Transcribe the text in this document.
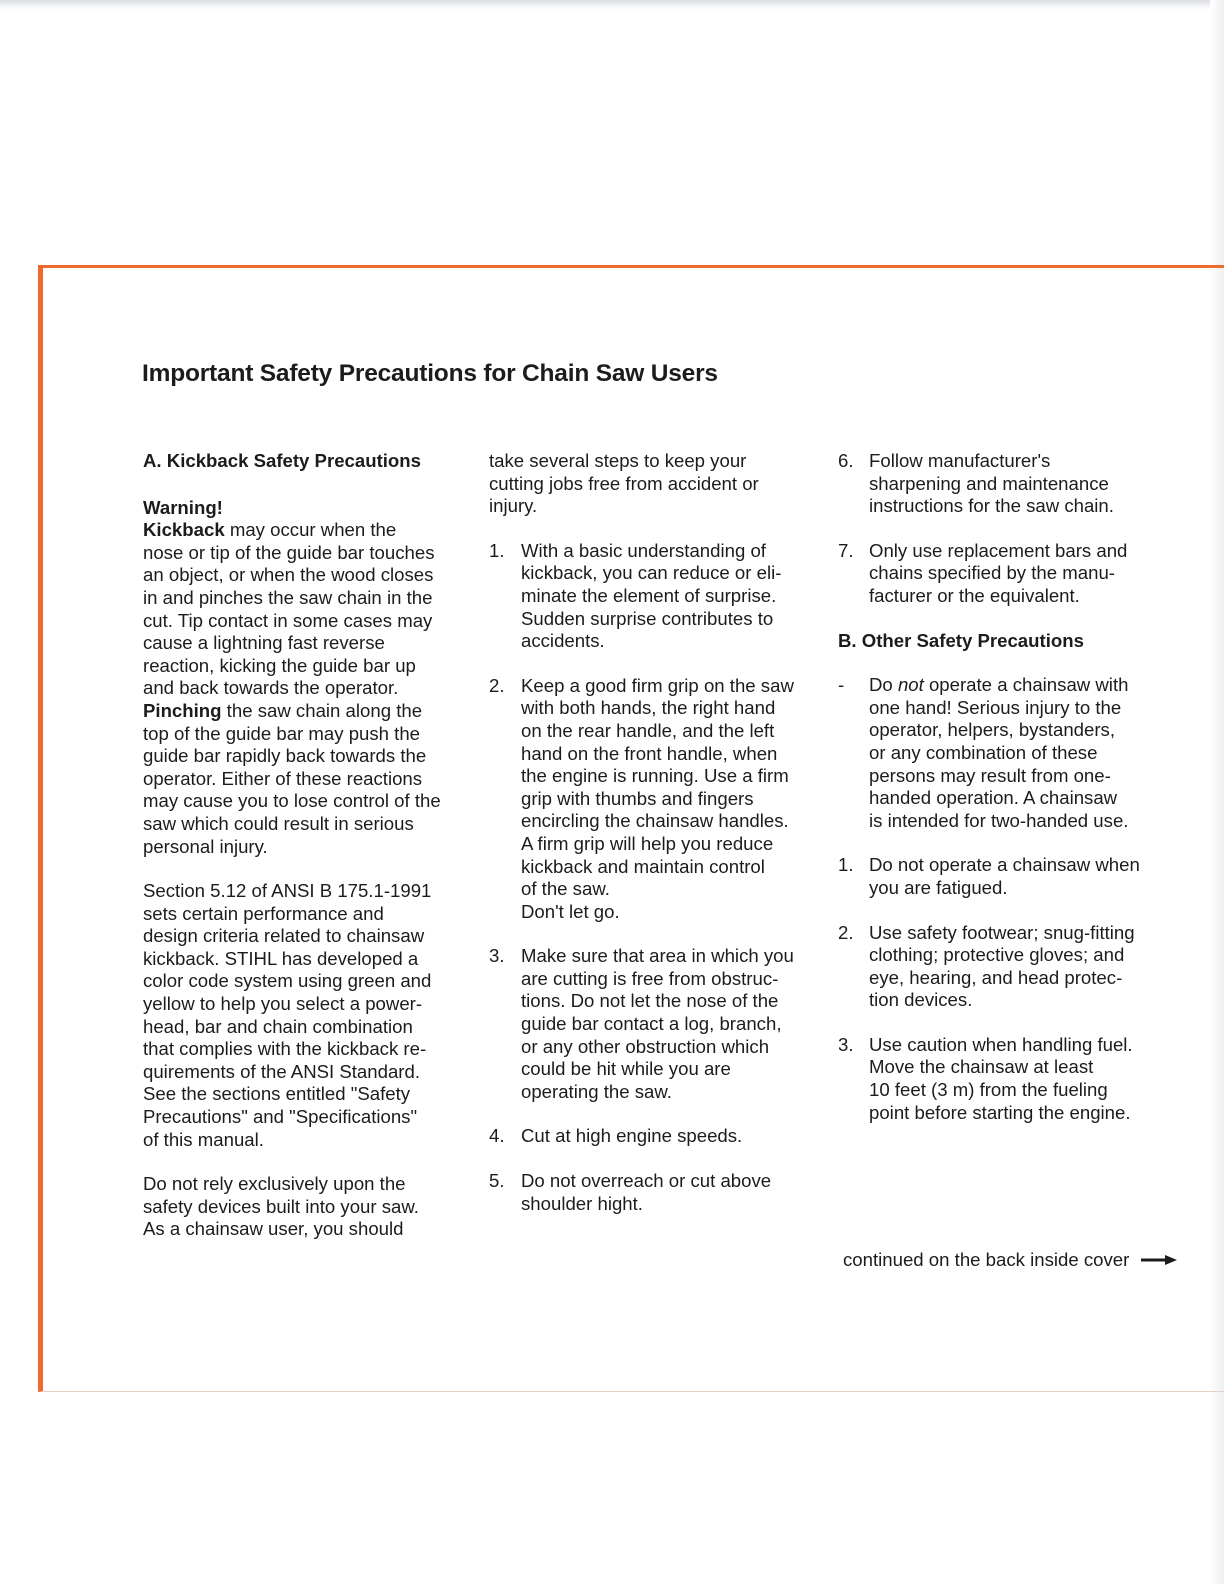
Important Safety Precautions for Chain Saw Users

A. Kickback Safety Precautions

Warning!

Kickback may occur when the
nose or tip of the guide bar touches
an object, or when the wood closes
in and pinches the saw chain in the
cut. Tip contact in some cases may
cause a lightning fast reverse
reaction, kicking the guide bar up
and back towards the operator.

Pinching the saw chain along the
top of the guide bar may push the
guide bar rapidly back towards the
operator. Either of these reactions
may cause you to lose control of the
saw which could result in serious
personal injury.

Section 5.12 of ANSI B 175.1-1991
sets certain performance and
design criteria related to chainsaw
kickback. STIHL has developed a
color code system using green and
yellow to help you select a power-
head, bar and chain combination
that complies with the kickback re-
quirements of the ANSI Standard.
See the sections entitled "Safety
Precautions" and "Specifications"
of this manual.

Do not rely exclusively upon the
safety devices built into your saw.
As a chainsaw user, you should

take several steps to keep your
cutting jobs free from accident or
injury.

1. With a basic understanding of
kickback, you can reduce or eli-
minate the element of surprise.
Sudden surprise contributes to
accidents.
2. Keep a good firm grip on the saw
with both hands, the right hand
on the rear handle, and the left
hand on the front handle, when
the engine is running. Use a firm
grip with thumbs and fingers
encircling the chainsaw handles.
A firm grip will help you reduce
kickback and maintain control
of the saw.
Don't let go.
3. Make sure that area in which you
are cutting is free from obstruc-
tions. Do not let the nose of the
guide bar contact a log, branch,
or any other obstruction which
could be hit while you are
operating the saw.
4. Cut at high engine speeds.
5. Do not overreach or cut above
shoulder hight.
6. Follow manufacturer's
sharpening and maintenance
instructions for the saw chain.
7. Only use replacement bars and
chains specified by the manu-
facturer or the equivalent.

B. Other Safety Precautions

-	Do not operate a chainsaw with
one hand! Serious injury to the
operator, helpers, bystanders,
or any combination of these
persons may result from one-
handed operation. A chainsaw
is intended for two-handed use.
1. Do not operate a chainsaw when
you are fatigued.
2. Use safety footwear; snug-fitting
clothing; protective gloves; and
eye, hearing, and head protec-
tion devices.
3. Use caution when handling fuel.
Move the chainsaw at least
10 feet (3 m) from the fueling
point before starting the engine.
continued on the back inside cover
